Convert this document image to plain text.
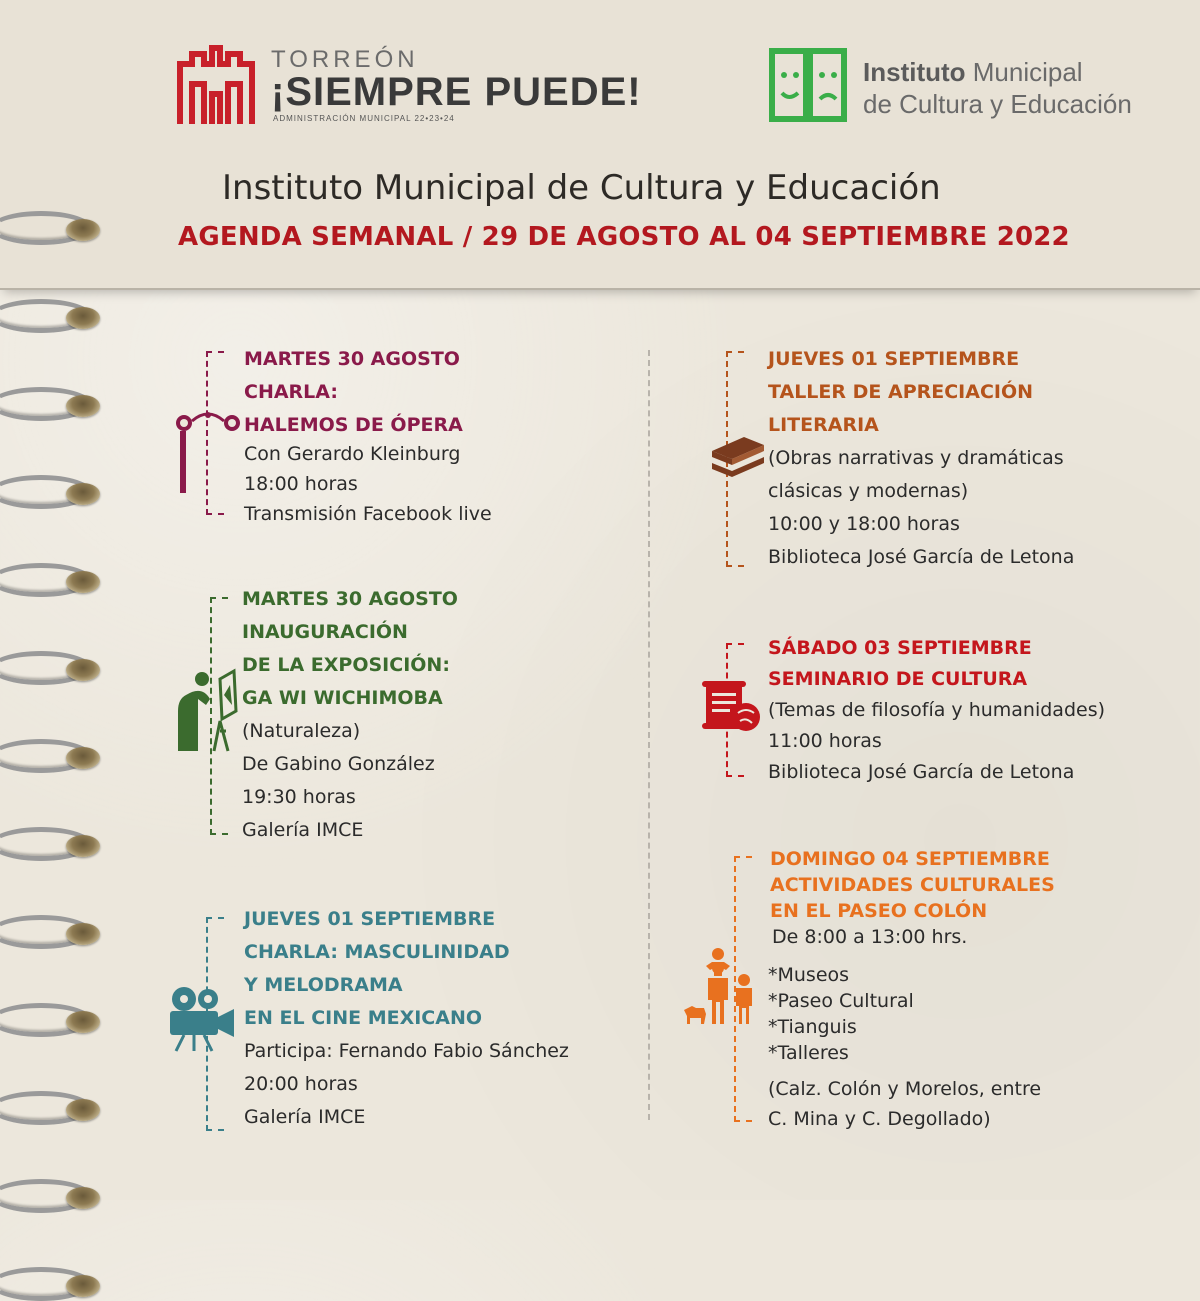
TORREÓN
¡SIEMPRE PUEDE!
ADMINISTRACIÓN MUNICIPAL 22•23•24
Instituto Municipal
de Cultura y Educación
Instituto Municipal de Cultura y Educación
AGENDA SEMANAL / 29 DE AGOSTO AL 04 SEPTIEMBRE 2022
MARTES 30 AGOSTO
CHARLA:
HALEMOS DE ÓPERA
Con Gerardo Kleinburg
18:00 horas
Transmisión Facebook live
MARTES 30 AGOSTO
INAUGURACIÓN
DE LA EXPOSICIÓN:
GA WI WICHIMOBA
(Naturaleza)
De Gabino González
19:30 horas
Galería IMCE
JUEVES 01 SEPTIEMBRE
CHARLA: MASCULINIDAD
Y MELODRAMA
EN EL CINE MEXICANO
Participa: Fernando Fabio Sánchez
20:00 horas
Galería IMCE
JUEVES 01 SEPTIEMBRE
TALLER DE APRECIACIÓN
LITERARIA
(Obras narrativas y dramáticas
clásicas y modernas)
10:00 y 18:00 horas
Biblioteca José García de Letona
SÁBADO 03 SEPTIEMBRE
SEMINARIO DE CULTURA
(Temas de filosofía y humanidades)
11:00 horas
Biblioteca José García de Letona
DOMINGO 04 SEPTIEMBRE
ACTIVIDADES CULTURALES
EN EL PASEO COLÓN
De 8:00 a 13:00 hrs.
*Museos
*Paseo Cultural
*Tianguis
*Talleres
(Calz. Colón y Morelos, entre
C. Mina y C. Degollado)
